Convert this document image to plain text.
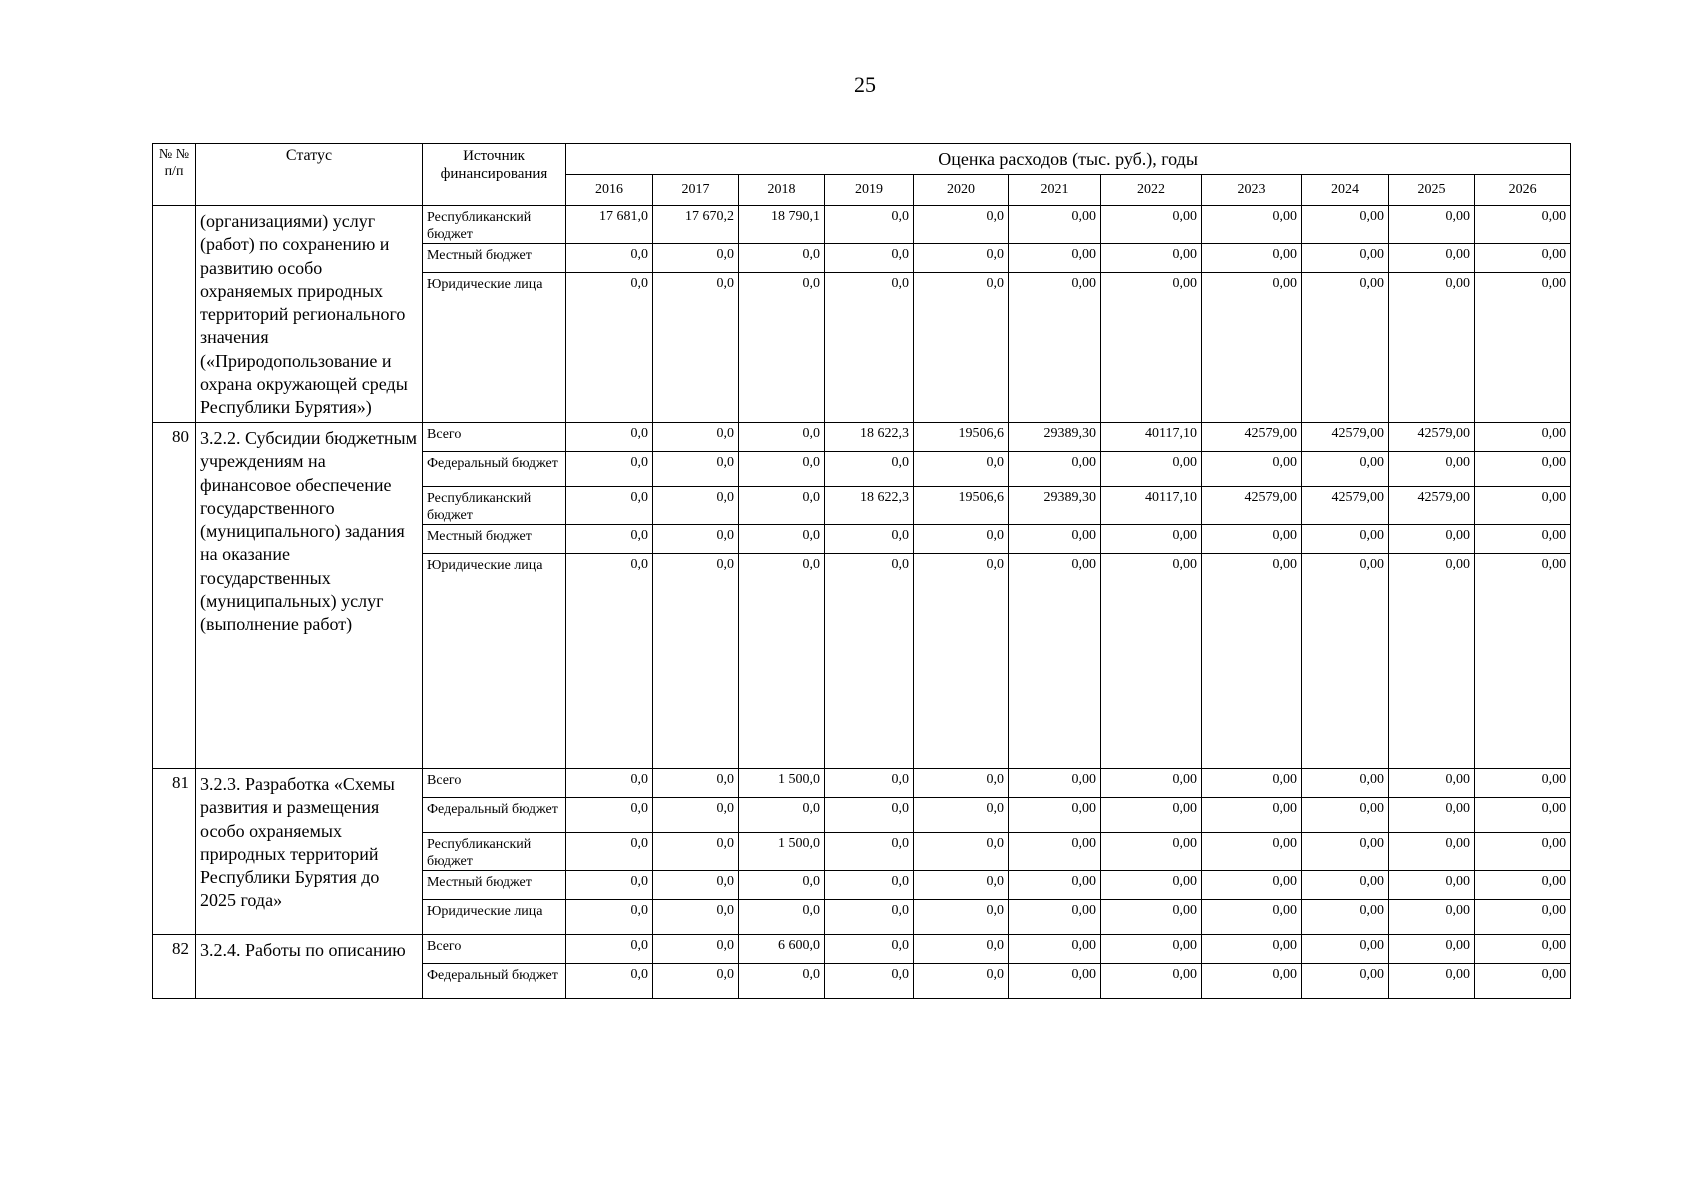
25
№ № п/п	Статус	Источник финансирования	Оценка расходов (тыс. руб.), годы										
			2016	2017	2018	2019	2020	2021	2022	2023	2024	2025	2026
	(организациями) услуг (работ) по сохранению и развитию особо охраняемых природных территорий регионального значения («Природопользование и охрана окружающей среды Республики Бурятия»)	Республиканский бюджет	17 681,0	17 670,2	18 790,1	0,0	0,0	0,00	0,00	0,00	0,00	0,00	0,00
		Местный бюджет	0,0	0,0	0,0	0,0	0,0	0,00	0,00	0,00	0,00	0,00	0,00
		Юридические лица	0,0	0,0	0,0	0,0	0,0	0,00	0,00	0,00	0,00	0,00	0,00
80	3.2.2. Субсидии бюджетным учреждениям на финансовое обеспечение государственного (муниципального) задания на оказание государственных (муниципальных) услуг (выполнение работ)	Всего	0,0	0,0	0,0	18 622,3	19506,6	29389,30	40117,10	42579,00	42579,00	42579,00	0,00
		Федеральный бюджет	0,0	0,0	0,0	0,0	0,0	0,00	0,00	0,00	0,00	0,00	0,00
		Республиканский бюджет	0,0	0,0	0,0	18 622,3	19506,6	29389,30	40117,10	42579,00	42579,00	42579,00	0,00
		Местный бюджет	0,0	0,0	0,0	0,0	0,0	0,00	0,00	0,00	0,00	0,00	0,00
		Юридические лица	0,0	0,0	0,0	0,0	0,0	0,00	0,00	0,00	0,00	0,00	0,00
81	3.2.3. Разработка «Схемы развития и размещения особо охраняемых природных территорий Республики Бурятия до 2025 года»	Всего	0,0	0,0	1 500,0	0,0	0,0	0,00	0,00	0,00	0,00	0,00	0,00
		Федеральный бюджет	0,0	0,0	0,0	0,0	0,0	0,00	0,00	0,00	0,00	0,00	0,00
		Республиканский бюджет	0,0	0,0	1 500,0	0,0	0,0	0,00	0,00	0,00	0,00	0,00	0,00
		Местный бюджет	0,0	0,0	0,0	0,0	0,0	0,00	0,00	0,00	0,00	0,00	0,00
		Юридические лица	0,0	0,0	0,0	0,0	0,0	0,00	0,00	0,00	0,00	0,00	0,00
82	3.2.4. Работы по описанию	Всего	0,0	0,0	6 600,0	0,0	0,0	0,00	0,00	0,00	0,00	0,00	0,00
		Федеральный бюджет	0,0	0,0	0,0	0,0	0,0	0,00	0,00	0,00	0,00	0,00	0,00
